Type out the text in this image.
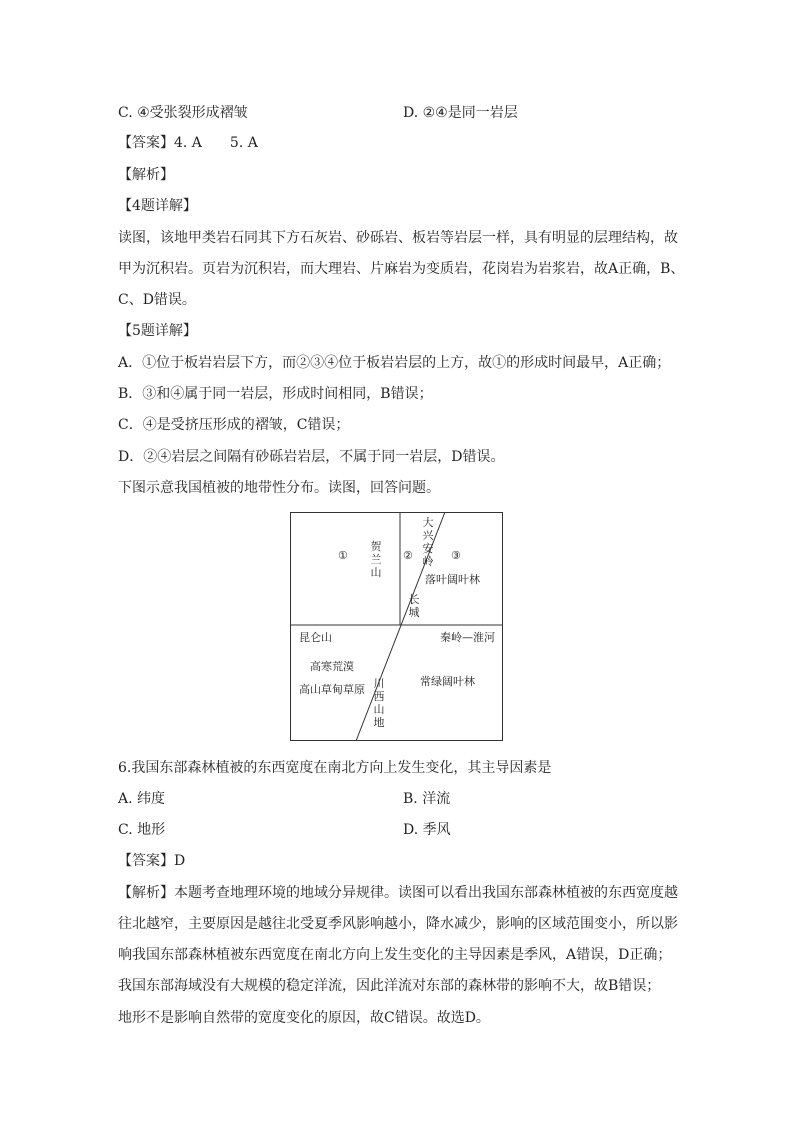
C. ④受张裂形成褶皱	D. ②④是同一岩层
【答案】4. A　　5. A
【解析】
【4题详解】
读图，该地甲类岩石同其下方石灰岩、砂砾岩、板岩等岩层一样，具有明显的层理结构，故
甲为沉积岩。页岩为沉积岩，而大理岩、片麻岩为变质岩，花岗岩为岩浆岩，故A正确，B、
C、D错误。
【5题详解】
A．①位于板岩岩层下方，而②③④位于板岩岩层的上方，故①的形成时间最早，A正确；
B．③和④属于同一岩层，形成时间相同，B错误；
C．④是受挤压形成的褶皱，C错误；
D．②④岩层之间隔有砂砾岩岩层，不属于同一岩层，D错误。
下图示意我国植被的地带性分布。读图，回答问题。
①
贺兰山
②
大兴安岭 ③
落叶阔叶林
长城
昆仑山	秦岭—淮河
高寒荒漠
高山草甸草原
常绿阔叶林
川西山地
6.我国东部森林植被的东西宽度在南北方向上发生变化，其主导因素是
A. 纬度	B. 洋流
C. 地形	D. 季风
【答案】D
【解析】本题考查地理环境的地域分异规律。读图可以看出我国东部森林植被的东西宽度越
往北越窄，主要原因是越往北受夏季风影响越小，降水减少，影响的区域范围变小，所以影
响我国东部森林植被东西宽度在南北方向上发生变化的主导因素是季风，A错误，D正确；
我国东部海域没有大规模的稳定洋流，因此洋流对东部的森林带的影响不大，故B错误；
地形不是影响自然带的宽度变化的原因，故C错误。故选D。
